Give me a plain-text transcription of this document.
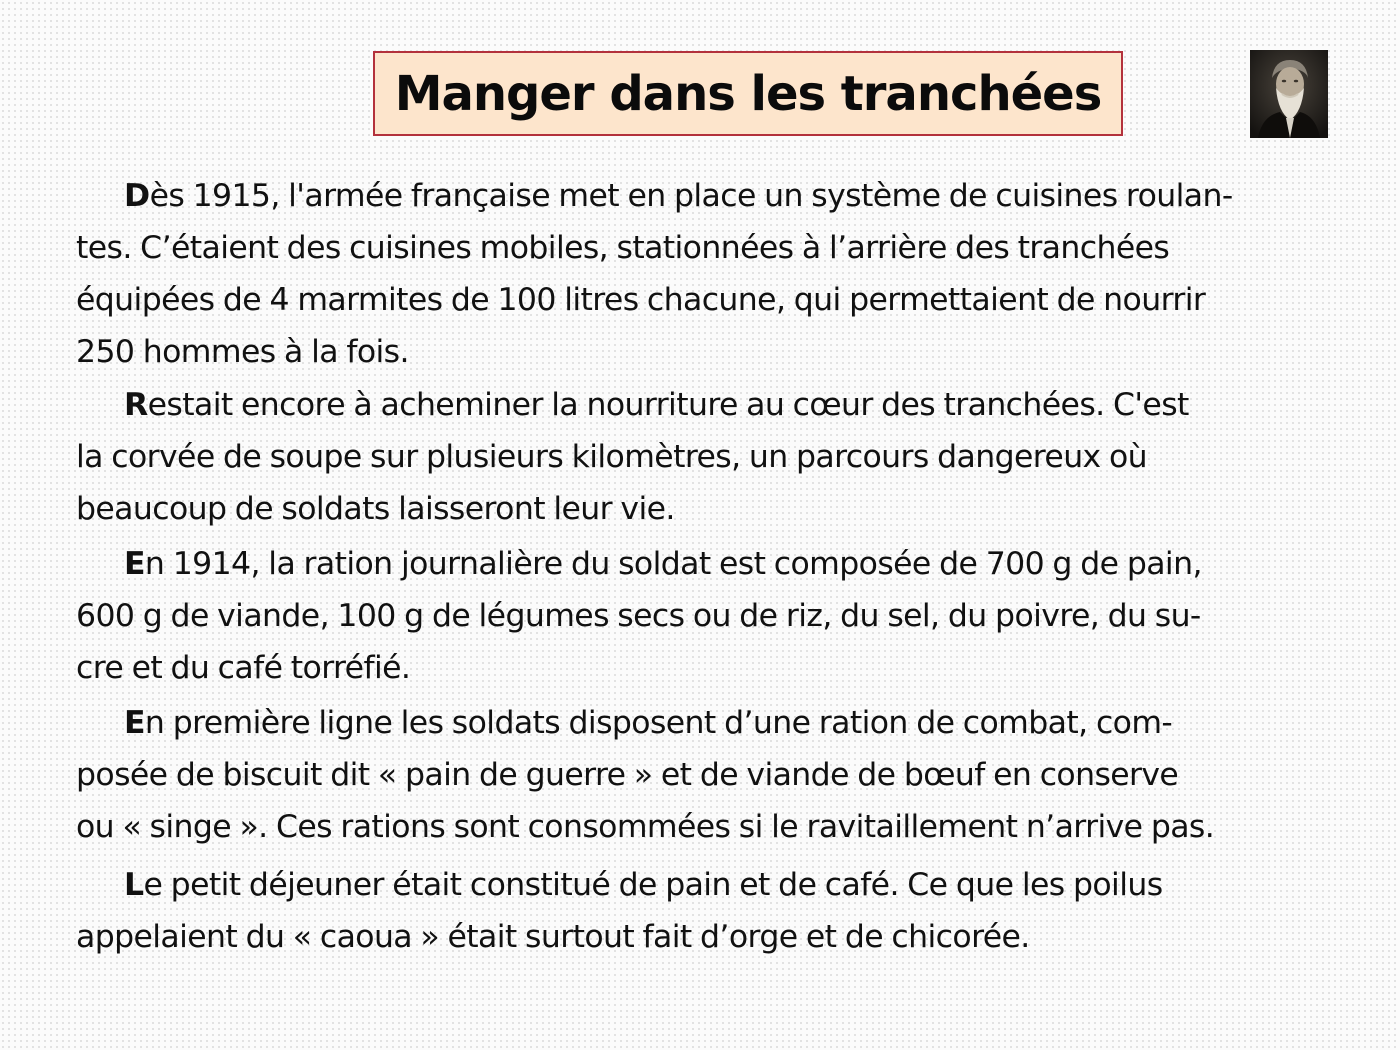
Manger dans les tranchées

Dès 1915, l'armée française met en place un système de cuisines roulan-
tes. C’étaient des cuisines mobiles, stationnées à l’arrière des tranchées
équipées de 4 marmites de 100 litres chacune, qui permettaient de nourrir
250 hommes à la fois.

Restait encore à acheminer la nourriture au cœur des tranchées. C'est
la corvée de soupe sur plusieurs kilomètres, un parcours dangereux où
beaucoup de soldats laisseront leur vie.

En 1914, la ration journalière du soldat est composée de 700 g de pain,
600 g de viande, 100 g de légumes secs ou de riz, du sel, du poivre, du su-
cre et du café torréfié.

En première ligne les soldats disposent d’une ration de combat, com-
posée de biscuit dit « pain de guerre » et de viande de bœuf en conserve
ou « singe ». Ces rations sont consommées si le ravitaillement n’arrive pas.

Le petit déjeuner était constitué de pain et de café. Ce que les poilus
appelaient du « caoua » était surtout fait d’orge et de chicorée.
